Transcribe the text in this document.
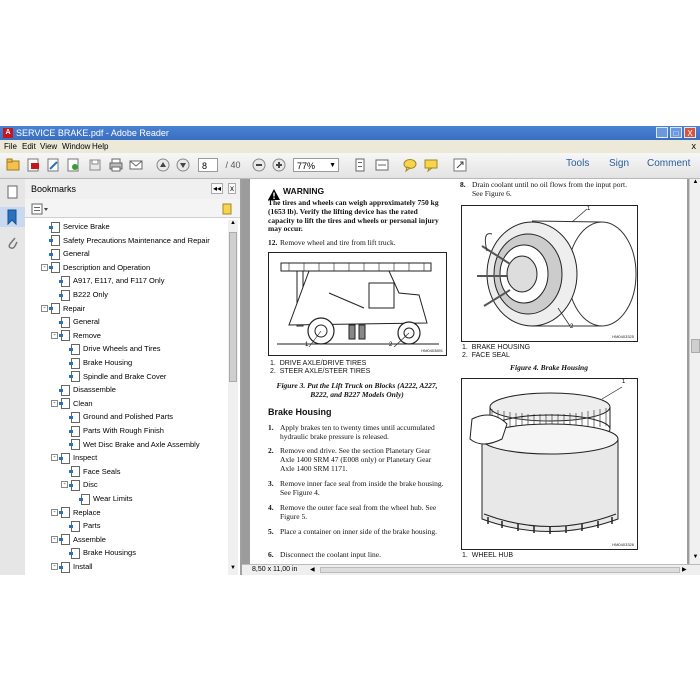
A SERVICE BRAKE.pdf - Adobe Reader	_	□	X
File Edit View Window Help	x
8	/ 40	77% ▼	Tools Sign Comment
Bookmarks	◂◂ x
Service Brake
Safety Precautions Maintenance and Repair
General
-	Description and Operation
A917, E117, and F117 Only
B222 Only
-	Repair
General
-	Remove
Drive Wheels and Tires
Brake Housing
Spindle and Brake Cover
Disassemble
-	Clean
Ground and Polished Parts
Parts With Rough Finish
Wet Disc Brake and Axle Assembly
-	Inspect
Face Seals
-	Disc
Wear Limits
-	Replace
Parts
-	Assemble
Brake Housings
-	Install
▲
▼
WARNING
The tires and wheels can weigh approximately 750 kg (1653 lb). Verify the lifting device has the rated capacity to lift the tires and wheels or personal injury may occur.
12. Remove wheel and tire from lift truck.
1	2
HM0403891
1. DRIVE AXLE/DRIVE TIRES
2. STEER AXLE/STEER TIRES
Figure 3. Put the Lift Truck on Blocks (A222, A227, B222, and B227 Models Only)
Brake Housing
1. Apply brakes ten to twenty times until accumulated hydraulic brake pressure is released.
2. Remove end drive. See the section Planetary Gear Axle 1400 SRM 47 (E008 only) or Planetary Gear Axle 1400 SRM 1171.
3. Remove inner face seal from inside the brake housing. See Figure 4.
4. Remove the outer face seal from the wheel hub. See Figure 5.
5. Place a container on inner side of the brake housing.
6. Disconnect the coolant input line.
8. Drain coolant until no oil flows from the input port. See Figure 6.
1
2
HM0403325
1. BRAKE HOUSING
2. FACE SEAL
Figure 4. Brake Housing
1
HM0403326
1. WHEEL HUB
▲
▼
8,50 x 11,00 in ◀	▶
